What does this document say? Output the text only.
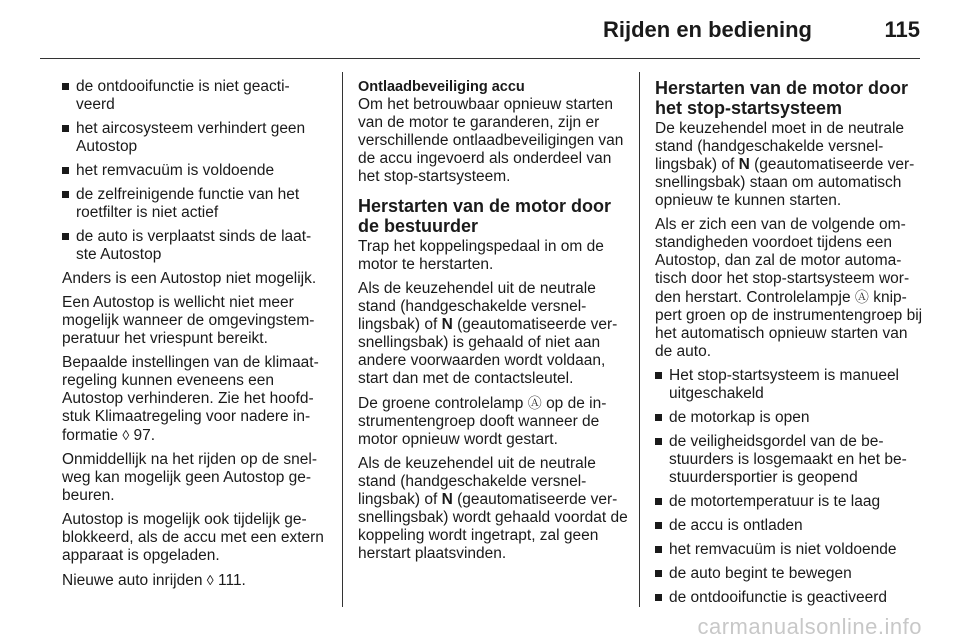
Rijden en bediening	115
de ontdooifunctie is niet geacti-veerd
het aircosysteem verhindert geen Autostop
het remvacuüm is voldoende
de zelfreinigende functie van het roetfilter is niet actief
de auto is verplaatst sinds de laat-ste Autostop

Anders is een Autostop niet mogelijk.

Een Autostop is wellicht niet meer mogelijk wanneer de omgevingstem-peratuur het vriespunt bereikt.

Bepaalde instellingen van de klimaat-regeling kunnen eveneens een Autostop verhinderen. Zie het hoofd-stuk Klimaatregeling voor nadere in-formatie ◊ 97.

Onmiddellijk na het rijden op de snel-weg kan mogelijk geen Autostop ge-beuren.

Autostop is mogelijk ook tijdelijk ge-blokkeerd, als de accu met een extern apparaat is opgeladen.

Nieuwe auto inrijden ◊ 111.

Ontlaadbeveiliging accu

Om het betrouwbaar opnieuw starten van de motor te garanderen, zijn er verschillende ontlaadbeveiligingen van de accu ingevoerd als onderdeel van het stop-startsysteem.

Herstarten van de motor door de bestuurder

Trap het koppelingspedaal in om de motor te herstarten.

Als de keuzehendel uit de neutrale stand (handgeschakelde versnel-lingsbak) of N (geautomatiseerde ver-snellingsbak) is gehaald of niet aan andere voorwaarden wordt voldaan, start dan met de contactsleutel.

De groene controlelamp Ⓐ op de in-strumentengroep dooft wanneer de motor opnieuw wordt gestart.

Als de keuzehendel uit de neutrale stand (handgeschakelde versnel-lingsbak) of N (geautomatiseerde ver-snellingsbak) wordt gehaald voordat de koppeling wordt ingetrapt, zal geen herstart plaatsvinden.

Herstarten van de motor door het stop-startsysteem

De keuzehendel moet in de neutrale stand (handgeschakelde versnel-lingsbak) of N (geautomatiseerde ver-snellingsbak) staan om automatisch opnieuw te kunnen starten.

Als er zich een van de volgende om-standigheden voordoet tijdens een Autostop, dan zal de motor automa-tisch door het stop-startsysteem wor-den herstart. Controlelampje Ⓐ knip-pert groen op de instrumentengroep bij het automatisch opnieuw starten van de auto.

Het stop-startsysteem is manueel uitgeschakeld
de motorkap is open
de veiligheidsgordel van de be-stuurders is losgemaakt en het be-stuurdersportier is geopend
de motortemperatuur is te laag
de accu is ontladen
het remvacuüm is niet voldoende
de auto begint te bewegen
de ontdooifunctie is geactiveerd
carmanualsonline.info
